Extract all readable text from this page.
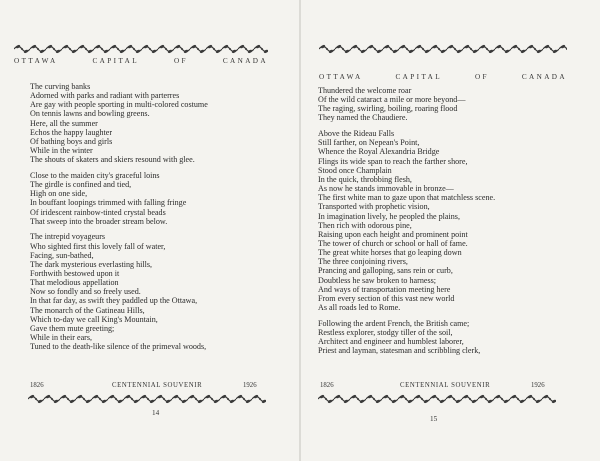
OTTAWA	CAPITAL	OF	CANADA
The curving banks
Adorned with parks and radiant with parterres
Are gay with people sporting in multi-colored costume
On tennis lawns and bowling greens.
Here, all the summer
Echos the happy laughter
Of bathing boys and girls
While in the winter
The shouts of skaters and skiers resound with glee.
Close to the maiden city's graceful loins
The girdle is confined and tied,
High on one side,
In bouffant loopings trimmed with falling fringe
Of iridescent rainbow-tinted crystal beads
That sweep into the broader stream below.
The intrepid voyageurs
Who sighted first this lovely fall of water,
Facing, sun-bathed,
The dark mysterious everlasting hills,
Forthwith bestowed upon it
That melodious appellation
Now so fondly and so freely used.
In that far day, as swift they paddled up the Ottawa,
The monarch of the Gatineau Hills,
Which to-day we call King's Mountain,
Gave them mute greeting;
While in their ears,
Tuned to the death-like silence of the primeval woods,
1826	CENTENNIAL SOUVENIR	1926
14
OTTAWA	CAPITAL	OF	CANADA
Thundered the welcome roar
Of the wild cataract a mile or more beyond—
The raging, swirling, boiling, roaring flood
They named the Chaudiere.
Above the Rideau Falls
Still farther, on Nepean's Point,
Whence the Royal Alexandria Bridge
Flings its wide span to reach the farther shore,
Stood once Champlain
In the quick, throbbing flesh,
As now he stands immovable in bronze—
The first white man to gaze upon that matchless scene.
Transported with prophetic vision,
In imagination lively, he peopled the plains,
Then rich with odorous pine,
Raising upon each height and prominent point
The tower of church or school or hall of fame.
The great white horses that go leaping down
The three conjoining rivers,
Prancing and galloping, sans rein or curb,
Doubtless he saw broken to harness;
And ways of transportation meeting here
From every section of this vast new world
As all roads led to Rome.
Following the ardent French, the British came;
Restless explorer, stodgy tiller of the soil,
Architect and engineer and humblest laborer,
Priest and layman, statesman and scribbling clerk,
1826	CENTENNIAL SOUVENIR	1926
15
